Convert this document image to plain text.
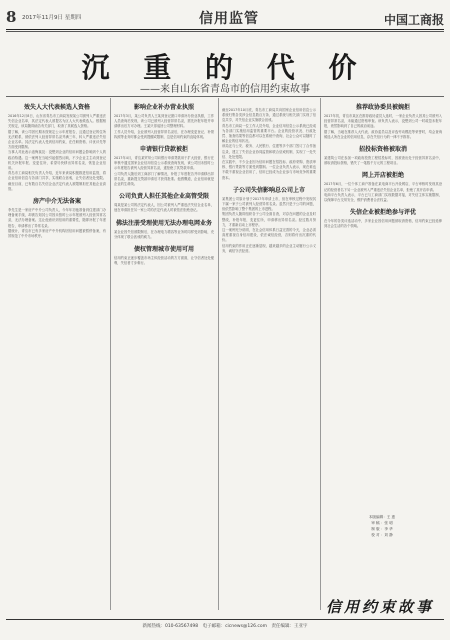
8 2017年11月9日 星期四	信用监管	中国工商报
沉 重 的 代 价
——来自山东省青岛市的信用约束故事
效失人大代表候选人资格

2016年12月8日，山东省青岛市工商局发现某公司被列入严重违法失信企业名单，其法定代表人被提名为区人大代表候选人。根据相关规定，该局随即函告有关部门，取消了其候选人资格。

据了解，该公司因长期未按规定公示年度报告，且通过登记的住所无法联系，被依法列入经营异常名录并满三年，转入严重违法失信企业名单。其法定代表人受到信用约束，在任职资格、评优评先等方面受到限制。

当事人对此表示追悔莫及：没想到企业的信用问题会影响到个人的政治待遇。这一案例在当地引起强烈反响，不少企业主主动到登记机关补报年报、变更住所，希望尽快移出异常名录，恢复企业信用。

青岛市工商局相关负责人介绍，近年来该局积极推进信用监管，将企业信用信息与各部门共享，实施联合惩戒，让失信者处处受限。截至目前，已有数百名失信企业法定代表人被限制担任其他企业高管。

房产中介无法备案

李先生是一家房产中介公司负责人，今年年初他准备到住建部门办理备案手续，却被告知其公司因未按时公示年报被列入经营异常名录，无法办理备案。这让他意识到信用的重要性，随即补报了年度报告，申请移出了异常名录。

据统计，青岛市已有多家房产中介机构因信用问题被暂停备案，有效规范了中介市场秩序。

影响企业补办营业执照

2017年3月，某公司负责人王某到登记窗口申请补办营业执照，工作人员查询后发现，该公司已被列入经营异常名录，需先补报年报并申请移出后方可办理。王某只得返回公司整理材料。

工作人员介绍，企业被列入经营异常名录后，在办理变更登记、补领执照等业务时都会受到提醒或限制，这是信用约束的直接体现。

申请银行贷款被拒

2017年4月，青岛某贸易公司向银行申请贷款用于扩大经营，银行在审核中通过国家企业信用信息公示系统查询发现，该公司因未按时公示年度报告被列入经营异常名录，遂拒绝了其贷款申请。

公司负责人随后到工商部门了解情况，补报了年度报告并申请移出异常名录，重新提交贷款申请后才获得批准。他感慨道，企业信用就是企业的生命线。

公司负责人担任其他企业高管受限

周某是某公司的法定代表人，因公司被列入严重违法失信企业名单，他在申请担任另一家公司的法定代表人时被依法拒绝登记。

佛法注册受理使用无法办理电网业务

某企业因失信被限制后，在办理电力增容等业务时同样受到影响，充分体现了联合惩戒的威力。

债权管理城市使用可用

信用约束正逐步覆盖市场主体经营活动的方方面面，让守信者处处便利，失信者寸步难行。

截至2017年10月底，青岛市工商局共向国家企业信用信息公示系统归集各类涉企信息数百万条，通过系统与相关部门实现了信息共享，对失信企业实施联合惩戒。

青岛市工商局一位工作人员介绍，企业信用信息公示系统已经成为各部门实施信用监管的重要平台。企业的经营状况、行政处罚、抽查结果等信息都可以在系统中查询，社会公众可以随时了解企业的信用状况。

该局还与公安、税务、人民银行、住建等多个部门签订了合作备忘录，建立了失信企业协同监管和联合惩戒机制，实现了一处失信、处处受限。

在实践中，不少企业因为信用问题在招投标、政府采购、资质审核、银行贷款等方面受到限制。一位企业负责人表示，现在谁也不敢不重视企业信用了，信用已经成为企业参与市场竞争的重要资本。

子公司失信影响总公司上市

某集团公司原计划于2017年申请上市，但在审核过程中发现其下属一家子公司被列入经营异常名录。虽然只是子公司的问题，但依然影响了整个集团的上市进程。

集团负责人随即组织各子公司全面自查，对存在问题的企业及时整改，补报年报，变更住所，申请移出异常名录。经过数月努力，才重新启动上市程序。

这一案例充分说明，在社会信用体系日益完善的今天，企业必须高度重视自身信用建设，依法诚信经营，否则将付出沉重的代价。

信用约束的作用正在逐渐显现，越来越多的企业主动履行公示义务，诚信守法经营。

推荐政协委员被婉拒

2017年初，青岛市某区在推荐政协委员人选时，一家企业负责人因其公司被列入经营异常名录，未能通过资格审查。该负责人表示，没想到公司一时疏忽未报年报，竟然影响到了自己的政治前途。

据了解，当地在推荐人大代表、政协委员以及评选劳动模范等荣誉时，均会查询候选人所在企业的信用信息，存在失信行为的一律不予推荐。

招投标资格被取消

某建筑公司在参加一项政府投资工程招投标时，因被查出处于经营异常名录中，被取消投标资格，错失了一笔数千万元的工程项目。

网上开店被拒绝

2017年6月，一位个体工商户准备在某电商平台开设网店，平台审核时发现其登记的经营者名下另一企业被列入严重违法失信企业名单，拒绝了其开店申请。

电商平台负责人表示，平台已与工商部门实现数据对接，对失信主体实施限制，以保障平台交易安全，维护消费者合法权益。

失信企业被拒绝参与评优

在今年的各类评选活动中，多家企业因信用问题被取消资格，信用约束已经延伸到社会生活的各个领域。

本版编辑：王 惠
审 稿 ：张 明
制 版 ：李 华
校 对 ：刘 静
信用约束故事
新闻热线：010-63567498　电子邮箱：cicnews@126.com　责任编辑：王亚宇
